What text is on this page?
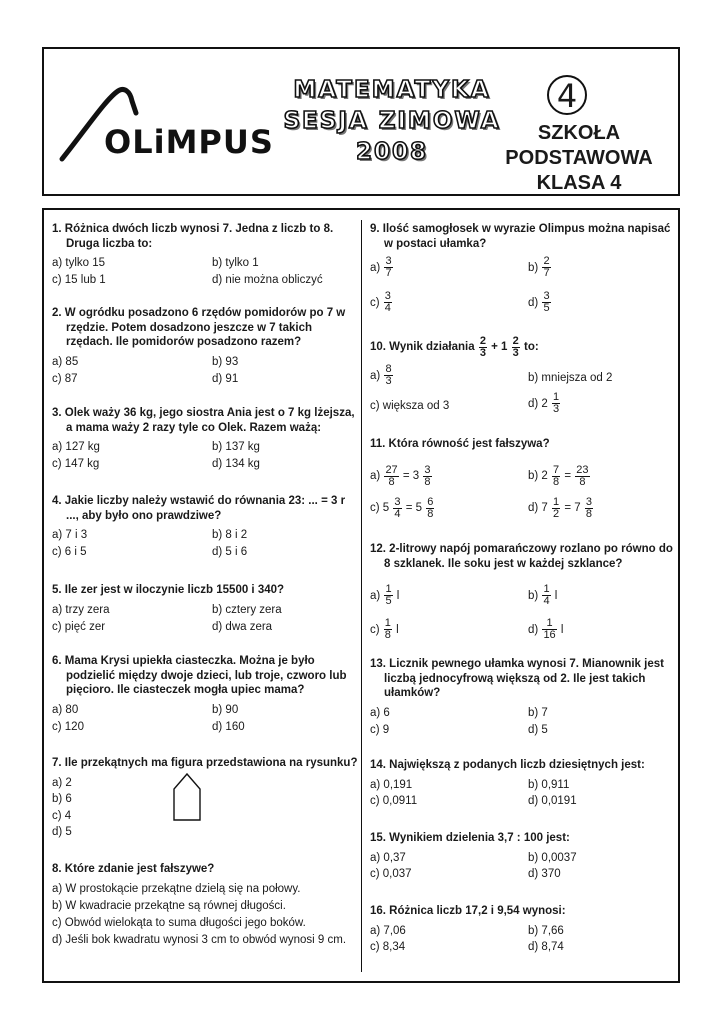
OLiMPUS
MATEMATYKA
SESJA ZIMOWA
2008
4
SZKOŁA
PODSTAWOWA
KLASA 4
1. Różnica dwóch liczb wynosi 7. Jedna z liczb to 8. Druga liczba to:
a) tylko 15	b) tylko 1
c) 15 lub 1	d) nie można obliczyć
2. W ogródku posadzono 6 rzędów pomidorów po 7 w rzędzie. Potem dosadzono jeszcze w 7 takich rzędach. Ile pomidorów posadzono razem?
a) 85	b) 93
c) 87	d) 91
3. Olek waży 36 kg, jego siostra Ania jest o 7 kg lżejsza, a mama waży 2 razy tyle co Olek. Razem ważą:
a) 127 kg	b) 137 kg
c) 147 kg	d) 134 kg
4. Jakie liczby należy wstawić do równania 23: ... = 3 r ..., aby było ono prawdziwe?
a) 7 i 3	b) 8 i 2
c) 6 i 5	d) 5 i 6
5. Ile zer jest w iloczynie liczb 15500 i 340?
a) trzy zera	b) cztery zera
c) pięć zer	d) dwa zera
6. Mama Krysi upiekła ciasteczka. Można je było podzielić między dwoje dzieci, lub troje, czworo lub pięcioro. Ile ciasteczek mogła upiec mama?
a) 80	b) 90
c) 120	d) 160
7. Ile przekątnych ma figura przedstawiona na rysunku?
a) 2
b) 6
c) 4
d) 5
8. Które zdanie jest fałszywe?
a) W prostokącie przekątne dzielą się na połowy.
b) W kwadracie przekątne są równej długości.
c) Obwód wielokąta to suma długości jego boków.
d) Jeśli bok kwadratu wynosi 3 cm to obwód wynosi 9 cm.
9. Ilość samogłosek w wyrazie Olimpus można napisać w postaci ułamka?
$a) \frac{3}{7}$	$b) \frac{2}{7}$
$c) \frac{3}{4}$	$d) \frac{3}{5}$
10. Wynik działania $\frac{2}{3} + 1 \frac{2}{3}$ to:
$a) \frac{8}{3}$	b) mniejsza od 2
c) większa od 3	d) $2 \frac{1}{3}$
11. Która równość jest fałszywa?
$a) \frac{27}{8} = 3 \frac{3}{8}$	b) $2 \frac{7}{8} = \frac{23}{8}$
c) $5 \frac{3}{4} = 5 \frac{6}{8}$	d) $7 \frac{1}{2} = 7 \frac{3}{8}$
12. 2-litrowy napój pomarańczowy rozlano po równo do 8 szklanek. Ile soku jest w każdej szklance?
$a) \frac{1}{5}$ l	$b) \frac{1}{4}$ l
$c) \frac{1}{8}$ l	$d) \frac{1}{16}$ l
13. Licznik pewnego ułamka wynosi 7. Mianownik jest liczbą jednocyfrową większą od 2. Ile jest takich ułamków?
a) 6	b) 7
c) 9	d) 5
14. Największą z podanych liczb dziesiętnych jest:
a) 0,191	b) 0,911
c) 0,0911	d) 0,0191
15. Wynikiem dzielenia 3,7 : 100 jest:
a) 0,37	b) 0,0037
c) 0,037	d) 370
16. Różnica liczb 17,2 i 9,54 wynosi:
a) 7,06	b) 7,66
c) 8,34	d) 8,74
